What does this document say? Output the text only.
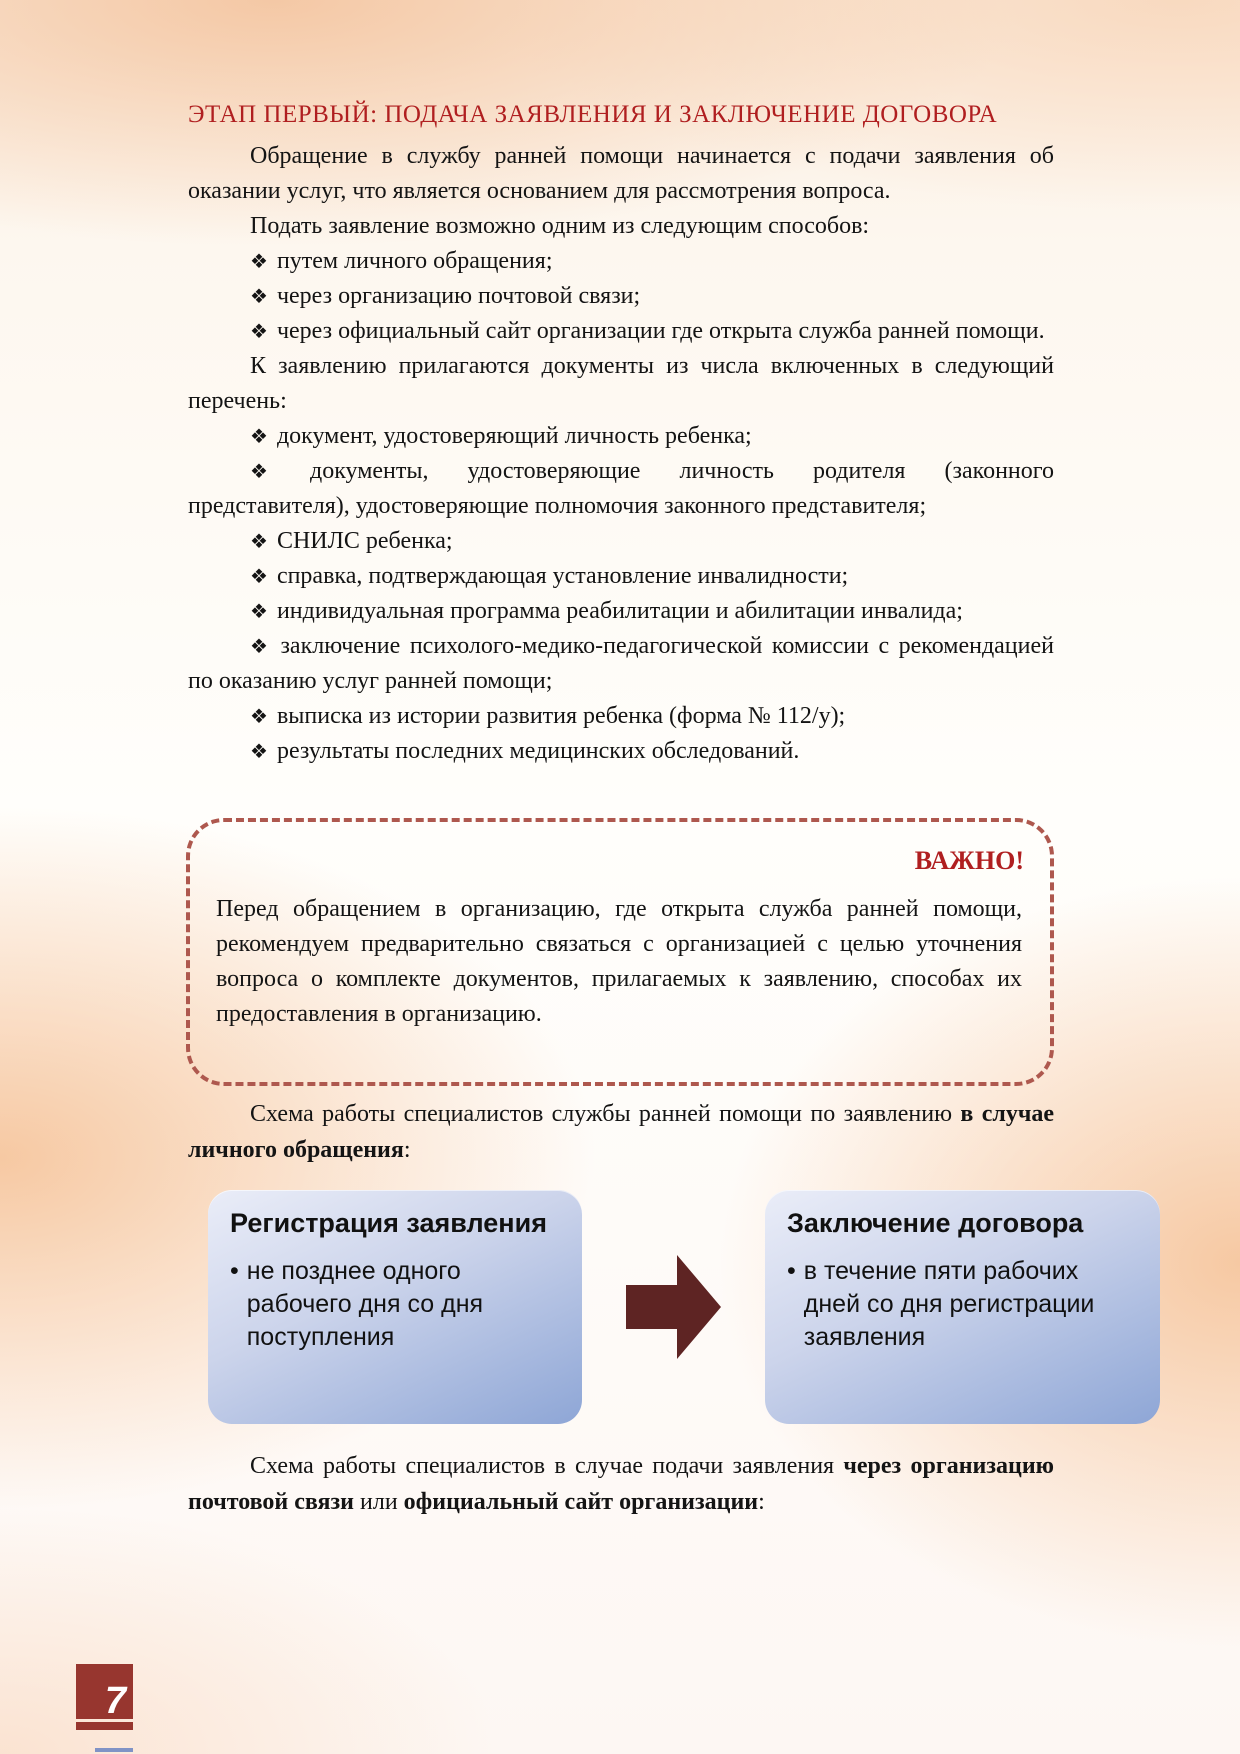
ЭТАП ПЕРВЫЙ: ПОДАЧА ЗАЯВЛЕНИЯ И ЗАКЛЮЧЕНИЕ ДОГОВОРА

Обращение в службу ранней помощи начинается с подачи заявления об оказании услуг, что является основанием для рассмотрения вопроса.

Подать заявление возможно одним из следующим способов:

❖ путем личного обращения;

❖ через организацию почтовой связи;

❖ через официальный сайт организации где открыта служба ранней помощи.

К заявлению прилагаются документы из числа включенных в следующий перечень:

❖ документ, удостоверяющий личность ребенка;

❖ документы, удостоверяющие личность родителя (законного представителя), удостоверяющие полномочия законного представителя;

❖ СНИЛС ребенка;

❖ справка, подтверждающая установление инвалидности;

❖ индивидуальная программа реабилитации и абилитации инвалида;

❖ заключение психолого-медико-педагогической комиссии с рекомендацией по оказанию услуг ранней помощи;

❖ выписка из истории развития ребенка (форма № 112/у);

❖ результаты последних медицинских обследований.

ВАЖНО!
Перед обращением в организацию, где открыта служба ранней помощи, рекомендуем предварительно связаться с организацией с целью уточнения вопроса о комплекте документов, прилагаемых к заявлению, способах их предоставления в организацию.

Схема работы специалистов службы ранней помощи по заявлению в случае личного обращения:

Регистрация заявления
• не позднее одного рабочего дня со дня поступления
Заключение договора
• в течение пяти рабочих дней со дня регистрации заявления

Схема работы специалистов в случае подачи заявления через организацию почтовой связи или официальный сайт организации:

7
